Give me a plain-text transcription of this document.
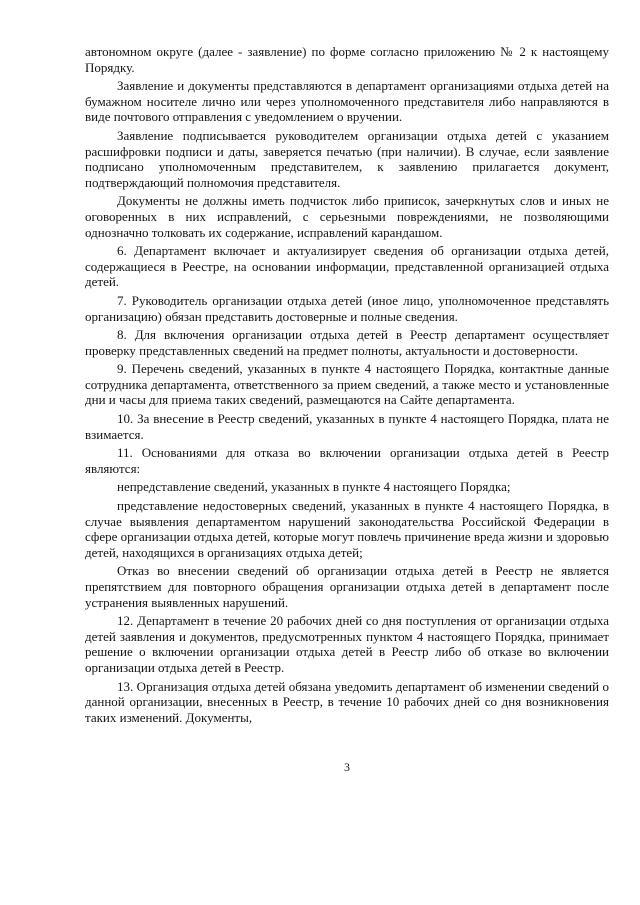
автономном округе (далее - заявление) по форме согласно приложению № 2 к настоящему Порядку.

Заявление и документы представляются в департамент организациями отдыха детей на бумажном носителе лично или через уполномоченного представителя либо направляются в виде почтового отправления с уведомлением о вручении.

Заявление подписывается руководителем организации отдыха детей с указанием расшифровки подписи и даты, заверяется печатью (при наличии). В случае, если заявление подписано уполномоченным представителем, к заявлению прилагается документ, подтверждающий полномочия представителя.

Документы не должны иметь подчисток либо приписок, зачеркнутых слов и иных не оговоренных в них исправлений, с серьезными повреждениями, не позволяющими однозначно толковать их содержание, исправлений карандашом.

6. Департамент включает и актуализирует сведения об организации отдыха детей, содержащиеся в Реестре, на основании информации, представленной организацией отдыха детей.

7. Руководитель организации отдыха детей (иное лицо, уполномоченное представлять организацию) обязан представить достоверные и полные сведения.

8. Для включения организации отдыха детей в Реестр департамент осуществляет проверку представленных сведений на предмет полноты, актуальности и достоверности.

9. Перечень сведений, указанных в пункте 4 настоящего Порядка, контактные данные сотрудника департамента, ответственного за прием сведений, а также место и установленные дни и часы для приема таких сведений, размещаются на Сайте департамента.

10. За внесение в Реестр сведений, указанных в пункте 4 настоящего Порядка, плата не взимается.

11. Основаниями для отказа во включении организации отдыха детей в Реестр являются:

непредставление сведений, указанных в пункте 4 настоящего Порядка;

представление недостоверных сведений, указанных в пункте 4 настоящего Порядка, в случае выявления департаментом нарушений законодательства Российской Федерации в сфере организации отдыха детей, которые могут повлечь причинение вреда жизни и здоровью детей, находящихся в организациях отдыха детей;

Отказ во внесении сведений об организации отдыха детей в Реестр не является препятствием для повторного обращения организации отдыха детей в департамент после устранения выявленных нарушений.

12. Департамент в течение 20 рабочих дней со дня поступления от организации отдыха детей заявления и документов, предусмотренных пунктом 4 настоящего Порядка, принимает решение о включении организации отдыха детей в Реестр либо об отказе во включении организации отдыха детей в Реестр.

13. Организация отдыха детей обязана уведомить департамент об изменении сведений о данной организации, внесенных в Реестр, в течение 10 рабочих дней со дня возникновения таких изменений. Документы,

3
